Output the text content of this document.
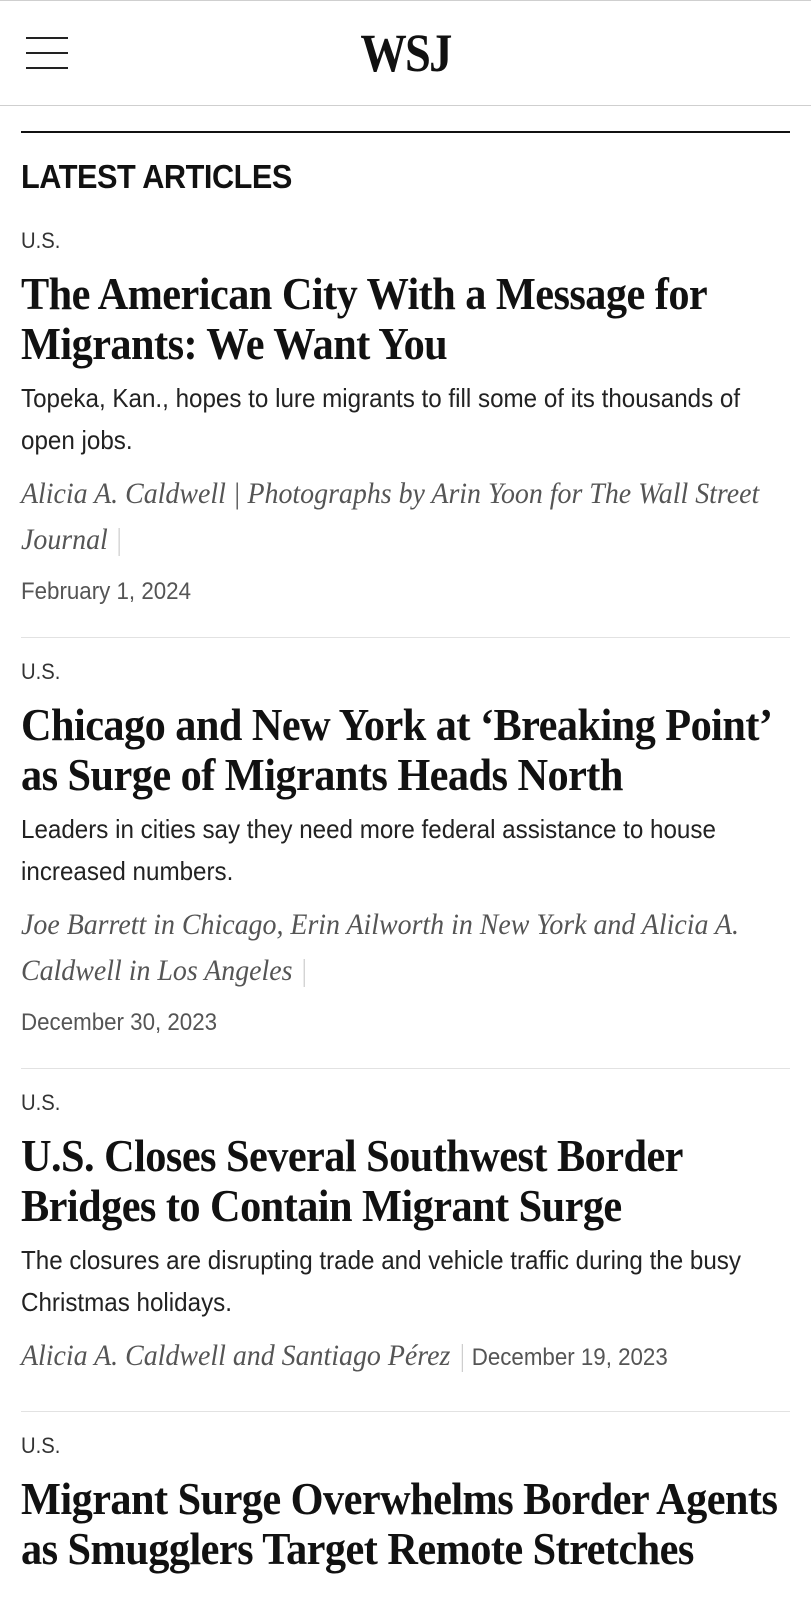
WSJ
LATEST ARTICLES
U.S.
The American City With a Message for Migrants: We Want You
Topeka, Kan., hopes to lure migrants to fill some of its thousands of open jobs.
Alicia A. Caldwell | Photographs by Arin Yoon for The Wall Street Journal
February 1, 2024
U.S.
Chicago and New York at ‘Breaking Point’ as Surge of Migrants Heads North
Leaders in cities say they need more federal assistance to house increased numbers.
Joe Barrett in Chicago, Erin Ailworth in New York and Alicia A. Caldwell in Los Angeles
December 30, 2023
U.S.
U.S. Closes Several Southwest Border Bridges to Contain Migrant Surge
The closures are disrupting trade and vehicle traffic during the busy Christmas holidays.
Alicia A. Caldwell and Santiago Pérez December 19, 2023
U.S.
Migrant Surge Overwhelms Border Agents as Smugglers Target Remote Stretches
